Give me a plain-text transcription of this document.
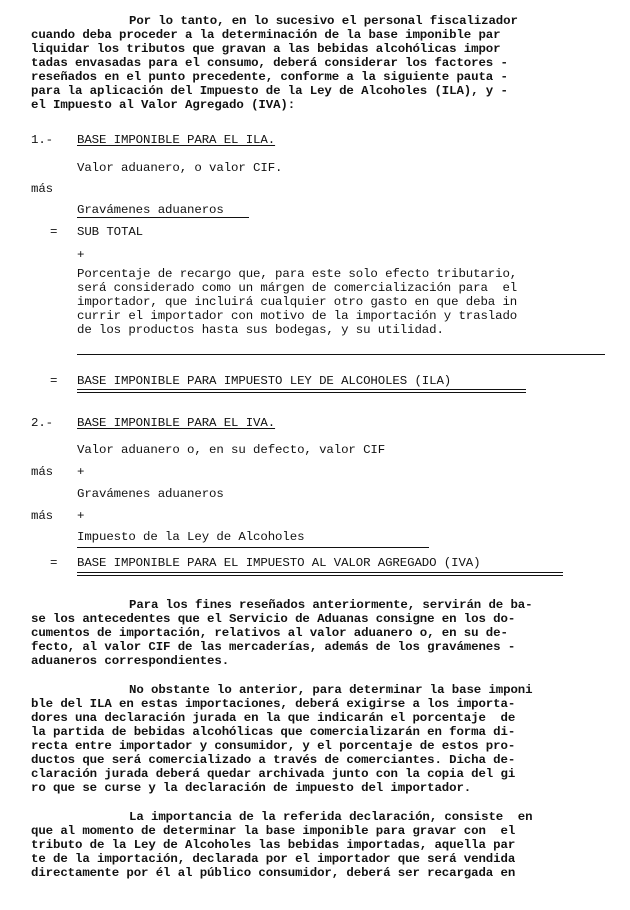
Por lo tanto, en lo sucesivo el personal fiscalizador

cuando deba proceder a la determinación de la base imponible par

liquidar los tributos que gravan a las bebidas alcohólicas impor

tadas envasadas para el consumo, deberá considerar los factores -

reseñados en el punto precedente, conforme a la siguiente pauta -

para la aplicación del Impuesto de la Ley de Alcoholes (ILA), y -

el Impuesto al Valor Agregado (IVA):

1.- BASE IMPONIBLE PARA EL ILA.

Valor aduanero, o valor CIF.

más

Gravámenes aduaneros

= SUB TOTAL

+

Porcentaje de recargo que, para este solo efecto tributario,

será considerado como un márgen de comercialización para  el

importador, que incluirá cualquier otro gasto en que deba in

currir el importador con motivo de la importación y traslado

de los productos hasta sus bodegas, y su utilidad.

= BASE IMPONIBLE PARA IMPUESTO LEY DE ALCOHOLES (ILA)

2.- BASE IMPONIBLE PARA EL IVA.

Valor aduanero o, en su defecto, valor CIF

más +

Gravámenes aduaneros

más +

Impuesto de la Ley de Alcoholes

= BASE IMPONIBLE PARA EL IMPUESTO AL VALOR AGREGADO (IVA)

Para los fines reseñados anteriormente, servirán de ba-

se los antecedentes que el Servicio de Aduanas consigne en los do-

cumentos de importación, relativos al valor aduanero o, en su de-

fecto, al valor CIF de las mercaderías, además de los gravámenes -

aduaneros correspondientes.

No obstante lo anterior, para determinar la base imponi

ble del ILA en estas importaciones, deberá exigirse a los importa-

dores una declaración jurada en la que indicarán el porcentaje  de

la partida de bebidas alcohólicas que comercializarán en forma di-

recta entre importador y consumidor, y el porcentaje de estos pro-

ductos que será comercializado a través de comerciantes. Dicha de-

claración jurada deberá quedar archivada junto con la copia del gi

ro que se curse y la declaración de impuesto del importador.

La importancia de la referida declaración, consiste  en

que al momento de determinar la base imponible para gravar con  el

tributo de la Ley de Alcoholes las bebidas importadas, aquella par

te de la importación, declarada por el importador que será vendida

directamente por él al público consumidor, deberá ser recargada en
